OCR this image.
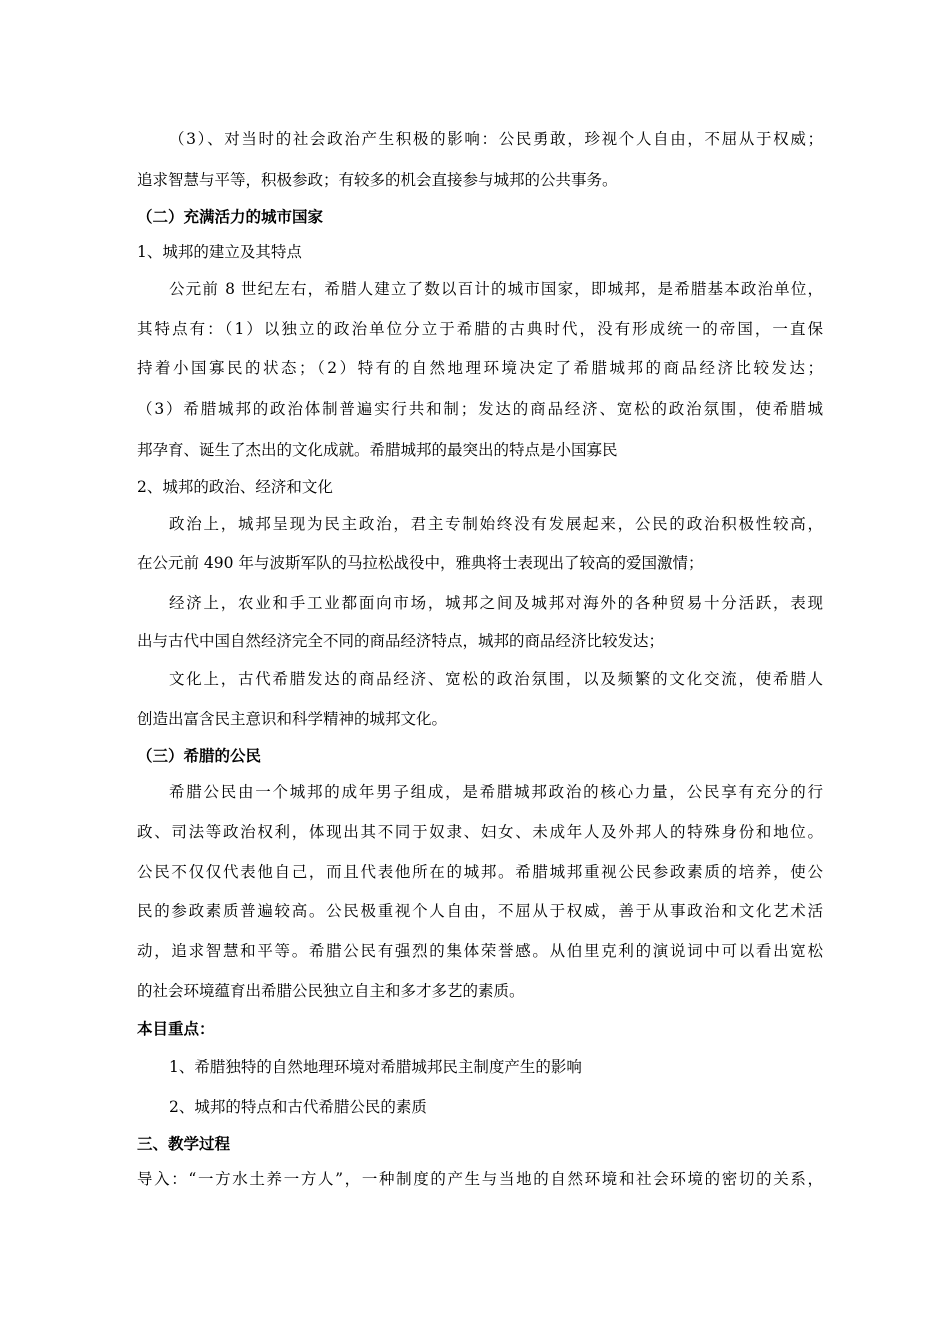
（3）、对当时的社会政治产生积极的影响：公民勇敢，珍视个人自由，不屈从于权威；
追求智慧与平等，积极参政；有较多的机会直接参与城邦的公共事务。
（二）充满活力的城市国家
1、城邦的建立及其特点
公元前 8 世纪左右，希腊人建立了数以百计的城市国家，即城邦，是希腊基本政治单位，
其特点有：（1）以独立的政治单位分立于希腊的古典时代，没有形成统一的帝国，一直保
持着小国寡民的状态；（2）特有的自然地理环境决定了希腊城邦的商品经济比较发达；
（3）希腊城邦的政治体制普遍实行共和制；发达的商品经济、宽松的政治氛围，使希腊城
邦孕育、诞生了杰出的文化成就。希腊城邦的最突出的特点是小国寡民
2、城邦的政治、经济和文化
政治上，城邦呈现为民主政治，君主专制始终没有发展起来，公民的政治积极性较高，
在公元前 490 年与波斯军队的马拉松战役中，雅典将士表现出了较高的爱国激情；
经济上，农业和手工业都面向市场，城邦之间及城邦对海外的各种贸易十分活跃，表现
出与古代中国自然经济完全不同的商品经济特点，城邦的商品经济比较发达；
文化上，古代希腊发达的商品经济、宽松的政治氛围，以及频繁的文化交流，使希腊人
创造出富含民主意识和科学精神的城邦文化。
（三）希腊的公民
希腊公民由一个城邦的成年男子组成，是希腊城邦政治的核心力量，公民享有充分的行
政、司法等政治权利，体现出其不同于奴隶、妇女、未成年人及外邦人的特殊身份和地位。
公民不仅仅代表他自己，而且代表他所在的城邦。希腊城邦重视公民参政素质的培养，使公
民的参政素质普遍较高。公民极重视个人自由，不屈从于权威，善于从事政治和文化艺术活
动，追求智慧和平等。希腊公民有强烈的集体荣誉感。从伯里克利的演说词中可以看出宽松
的社会环境蕴育出希腊公民独立自主和多才多艺的素质。
本目重点：
1、希腊独特的自然地理环境对希腊城邦民主制度产生的影响
2、城邦的特点和古代希腊公民的素质
三、教学过程
导入：“一方水土养一方人”，一种制度的产生与当地的自然环境和社会环境的密切的关系，
